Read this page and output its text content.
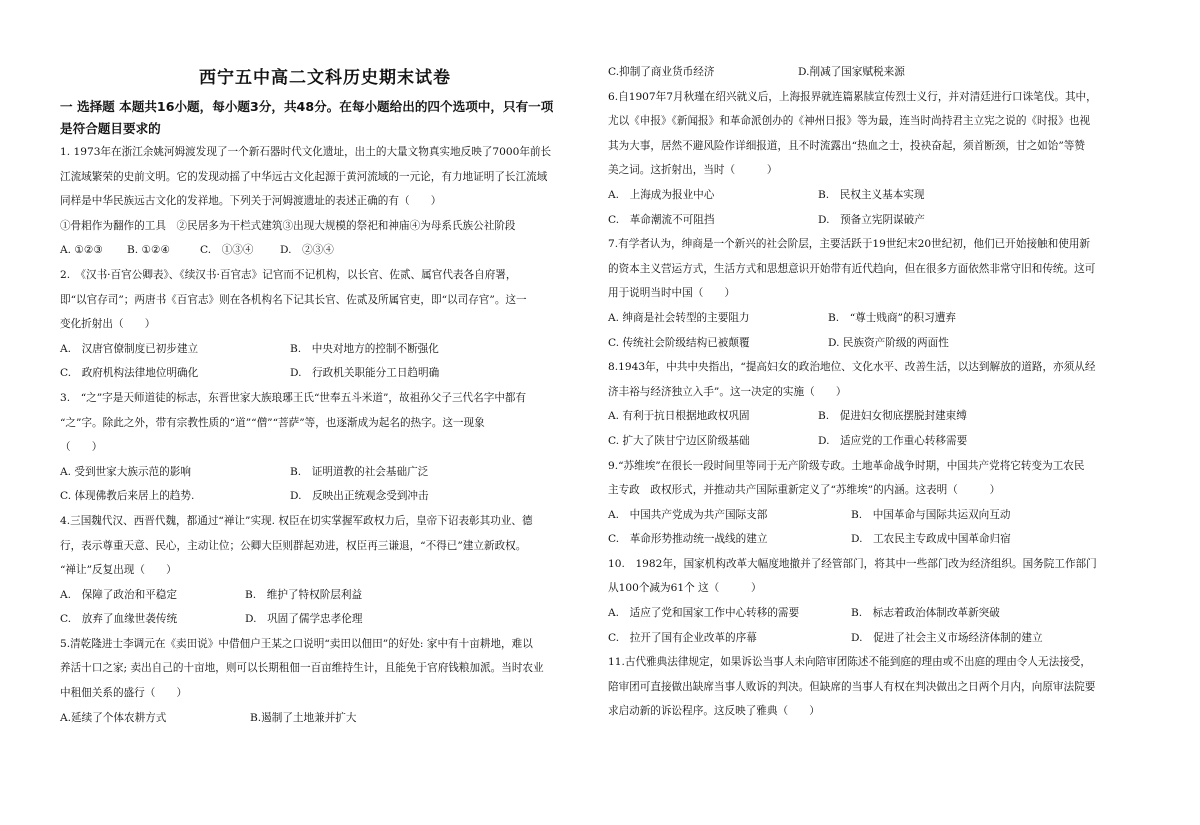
西宁五中高二文科历史期末试卷
一 选择题 本题共16小题，每小题3分，共48分。在每小题给出的四个选项中，只有一项
是符合题目要求的
1. 1973年在浙江余姚河姆渡发现了一个新石器时代文化遗址，出土的大量文物真实地反映了7000年前长
江流域繁荣的史前文明。它的发现动摇了中华远古文化起源于黄河流域的一元论，有力地证明了长江流域
同样是中华民族远古文化的发祥地。下列关于河姆渡遗址的表述正确的有（　　）
①骨耜作为翻作的工具　②民居多为干栏式建筑③出现大规模的祭祀和神庙④为母系氏族公社阶段
A. ①②③ B. ①②④	C.　①③④	D.　②③④
2.　《汉书·百官公卿表》、《续汉书·百官志》记官而不记机构，以长官、佐贰、属官代表各自府署，
即“以官存司”；两唐书《百官志》则在各机构名下记其长官、佐贰及所属官吏，即“以司存官”。这一
变化折射出（　　）
A.　汉唐官僚制度已初步建立	B.　中央对地方的控制不断强化
C.　政府机构法律地位明确化	D.　行政机关职能分工日趋明确
3.　“之”字是天师道徒的标志，东晋世家大族琅琊王氏“世奉五斗米道”，故祖孙父子三代名字中都有
“之”字。除此之外，带有宗教性质的“道”“僧”“菩萨”等，也逐渐成为起名的热字。这一现象
（　　）
A. 受到世家大族示范的影响	B.　证明道教的社会基础广泛
C. 体现佛教后来居上的趋势.	D.　反映出正统观念受到冲击
4.三国魏代汉、西晋代魏，都通过“禅让”实现. 权臣在切实掌握军政权力后，皇帝下诏表彰其功业、德
行，表示尊重天意、民心，主动让位；公卿大臣则群起劝进，权臣再三谦退，“不得已”建立新政权。
“禅让”反复出现（　　）
A.　保障了政治和平稳定	B.　维护了特权阶层利益
C.　放弃了血缘世袭传统	D.　巩固了儒学忠孝伦理
5.清乾隆进士李调元在《卖田说》中借佃户王某之口说明“卖田以佃田”的好处: 家中有十亩耕地，难以
养活十口之家; 卖出自己的十亩地，则可以长期租佃一百亩维持生计，且能免于官府钱粮加派。当时农业
中租佃关系的盛行（　　）
A.延续了个体农耕方式	B.遏制了土地兼并扩大
C.抑制了商业货币经济	D.削减了国家赋税来源
6.自1907年7月秋瑾在绍兴就义后，上海报界就连篇累牍宣传烈士义行，并对清廷进行口诛笔伐。其中，
尤以《申报》《新闻报》和革命派创办的《神州日报》等为最，连当时尚持君主立宪之说的《时报》也视
其为大事，居然不避风险作详细报道，且不时流露出“热血之士，投袂奋起，须首断颈，甘之如饴”等赞
美之词。这折射出，当时（　　　）
A.　上海成为报业中心	B.　民权主义基本实现
C.　革命潮流不可阻挡	D.　预备立宪阴谋破产
7.有学者认为，绅商是一个新兴的社会阶层，主要活跃于19世纪末20世纪初，他们已开始接触和使用新
的资本主义营运方式，生活方式和思想意识开始带有近代趋向，但在很多方面依然非常守旧和传统。这可
用于说明当时中国（　　）
A. 绅商是社会转型的主要阻力	B.　“尊士贱商”的积习遭弃
C. 传统社会阶级结构已被颠覆	D. 民族资产阶级的两面性
8.1943年，中共中央指出，“提高妇女的政治地位、文化水平、改善生活，以达到解放的道路，亦须从经
济丰裕与经济独立入手”。这一决定的实施（　　）
A. 有利于抗日根据地政权巩固	B.　促进妇女彻底摆脱封建束缚
C. 扩大了陕甘宁边区阶级基础	D.　适应党的工作重心转移需要
9.“苏维埃”在很长一段时间里等同于无产阶级专政。土地革命战争时期，中国共产党将它转变为工农民
主专政　政权形式，并推动共产国际重新定义了“苏维埃”的内涵。这表明（　　　）
A.　中国共产党成为共产国际支部	B.　中国革命与国际共运双向互动
C.　革命形势推动统一战线的建立	D.　工农民主专政成中国革命归宿
10.　1982年，国家机构改革大幅度地撤并了经管部门，将其中一些部门改为经济组织。国务院工作部门
从100个减为61个 这（　　　）
A.　适应了党和国家工作中心转移的需要	B.　标志着政治体制改革新突破
C.　拉开了国有企业改革的序幕	D.　促进了社会主义市场经济体制的建立
11.古代雅典法律规定，如果诉讼当事人未向陪审团陈述不能到庭的理由或不出庭的理由令人无法接受，
陪审团可直接做出缺席当事人败诉的判决。但缺席的当事人有权在判决做出之日两个月内，向原审法院要
求启动新的诉讼程序。这反映了雅典（　　）
